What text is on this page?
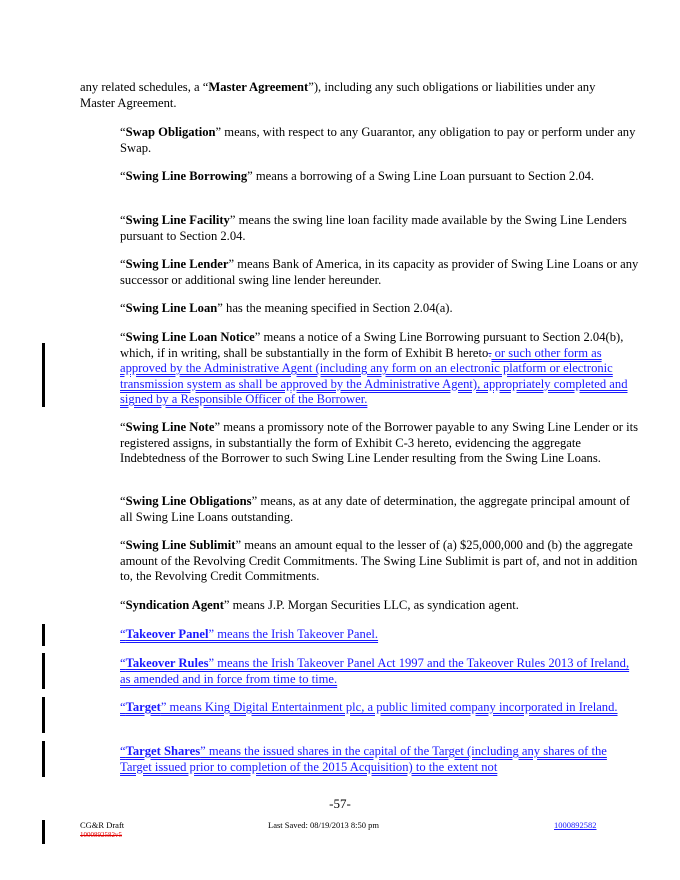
any related schedules, a “Master Agreement”), including any such obligations or liabilities under any Master Agreement.

“Swap Obligation” means, with respect to any Guarantor, any obligation to pay or perform under any Swap.

“Swing Line Borrowing” means a borrowing of a Swing Line Loan pursuant to Section 2.04.

“Swing Line Facility” means the swing line loan facility made available by the Swing Line Lenders pursuant to Section 2.04.

“Swing Line Lender” means Bank of America, in its capacity as provider of Swing Line Loans or any successor or additional swing line lender hereunder.

“Swing Line Loan” has the meaning specified in Section 2.04(a).

“Swing Line Loan Notice” means a notice of a Swing Line Borrowing pursuant to Section 2.04(b), which, if in writing, shall be substantially in the form of Exhibit B hereto. or such other form as approved by the Administrative Agent (including any form on an electronic platform or electronic transmission system as shall be approved by the Administrative Agent), appropriately completed and signed by a Responsible Officer of the Borrower.

“Swing Line Note” means a promissory note of the Borrower payable to any Swing Line Lender or its registered assigns, in substantially the form of Exhibit C-3 hereto, evidencing the aggregate Indebtedness of the Borrower to such Swing Line Lender resulting from the Swing Line Loans.

“Swing Line Obligations” means, as at any date of determination, the aggregate principal amount of all Swing Line Loans outstanding.

“Swing Line Sublimit” means an amount equal to the lesser of (a) $25,000,000 and (b) the aggregate amount of the Revolving Credit Commitments. The Swing Line Sublimit is part of, and not in addition to, the Revolving Credit Commitments.

“Syndication Agent” means J.P. Morgan Securities LLC, as syndication agent.

“Takeover Panel” means the Irish Takeover Panel.

“Takeover Rules” means the Irish Takeover Panel Act 1997 and the Takeover Rules 2013 of Ireland, as amended and in force from time to time.

“Target” means King Digital Entertainment plc, a public limited company incorporated in Ireland.

“Target Shares” means the issued shares in the capital of the Target (including any shares of the Target issued prior to completion of the 2015 Acquisition) to the extent not

-57-
CG&R Draft
1000892582v5
Last Saved: 08/19/2013 8:50 pm	1000892582
